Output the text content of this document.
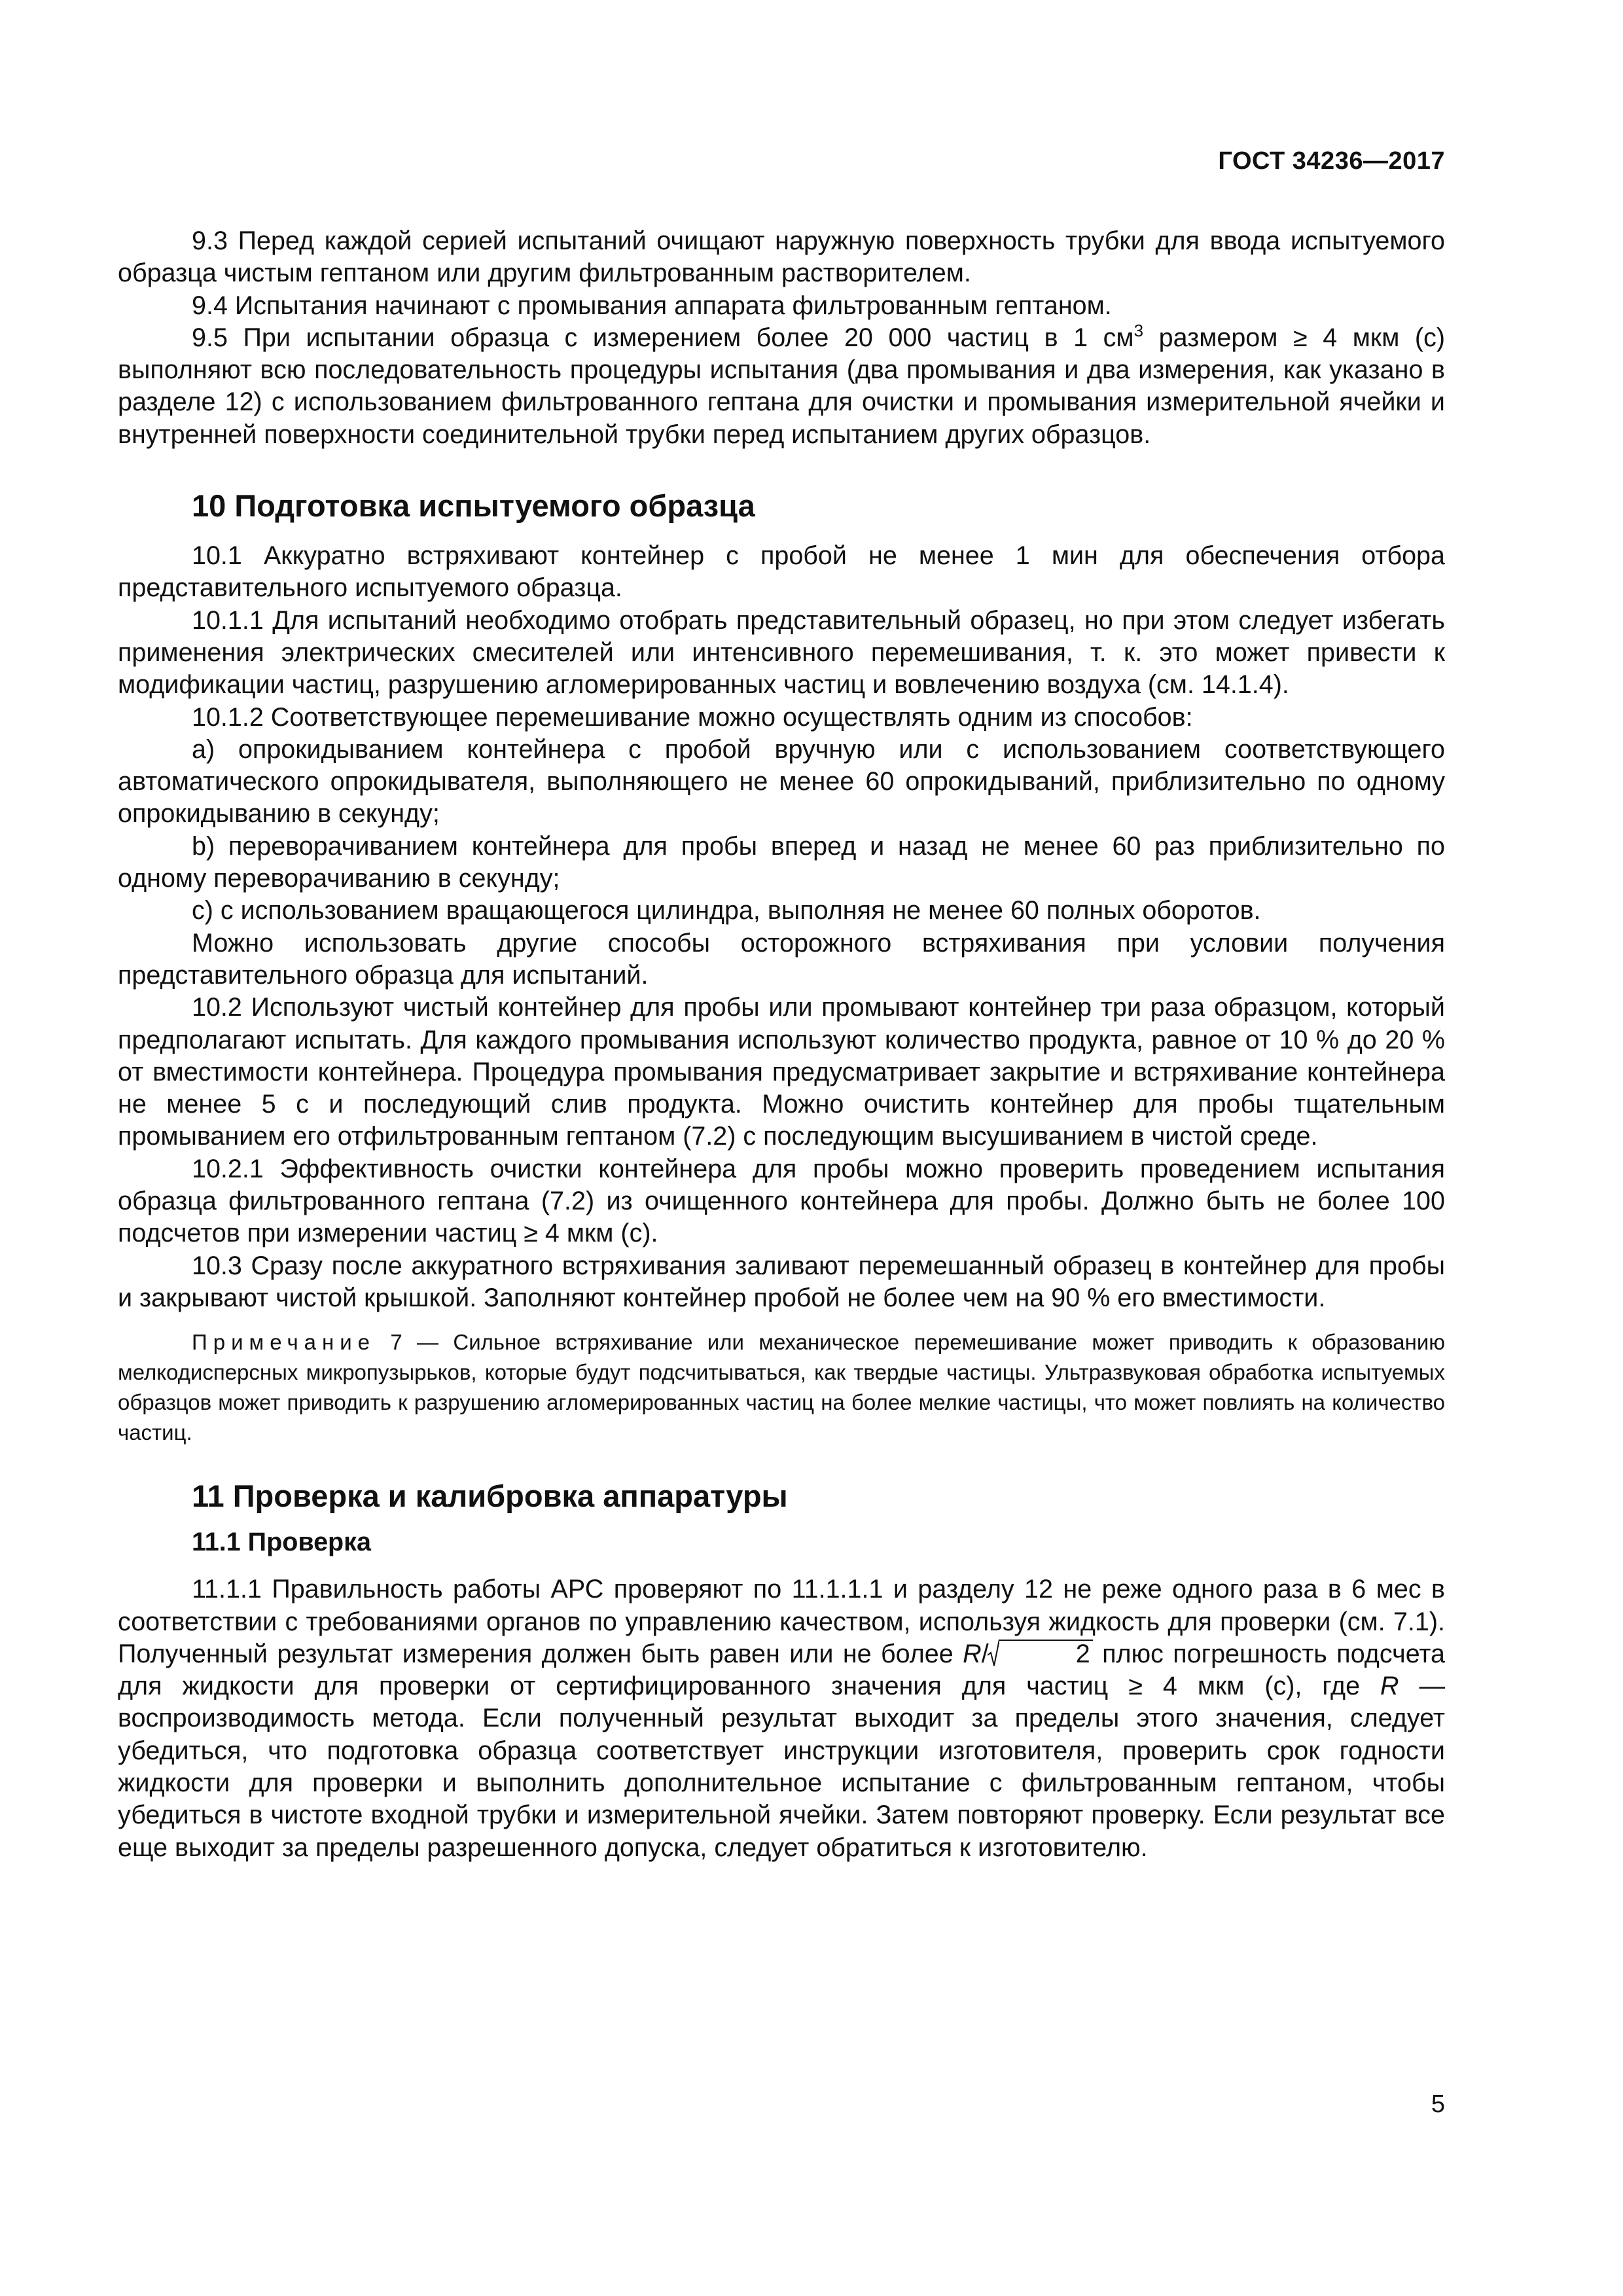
ГОСТ 34236—2017

9.3 Перед каждой серией испытаний очищают наружную поверхность трубки для ввода испытуемого образца чистым гептаном или другим фильтрованным растворителем.

9.4 Испытания начинают с промывания аппарата фильтрованным гептаном.

9.5 При испытании образца с измерением более 20 000 частиц в 1 $см^3$ размером ≥ 4 мкм (c) выполняют всю последовательность процедуры испытания (два промывания и два измерения, как указано в разделе 12) с использованием фильтрованного гептана для очистки и промывания измерительной ячейки и внутренней поверхности соединительной трубки перед испытанием других образцов.

10 Подготовка испытуемого образца

10.1 Аккуратно встряхивают контейнер с пробой не менее 1 мин для обеспечения отбора представительного испытуемого образца.

10.1.1 Для испытаний необходимо отобрать представительный образец, но при этом следует избегать применения электрических смесителей или интенсивного перемешивания, т. к. это может привести к модификации частиц, разрушению агломерированных частиц и вовлечению воздуха (см. 14.1.4).

10.1.2 Соответствующее перемешивание можно осуществлять одним из способов:

a) опрокидыванием контейнера с пробой вручную или с использованием соответствующего автоматического опрокидывателя, выполняющего не менее 60 опрокидываний, приблизительно по одному опрокидыванию в секунду;

b) переворачиванием контейнера для пробы вперед и назад не менее 60 раз приблизительно по одному переворачиванию в секунду;

c) с использованием вращающегося цилиндра, выполняя не менее 60 полных оборотов.

Можно использовать другие способы осторожного встряхивания при условии получения представительного образца для испытаний.

10.2 Используют чистый контейнер для пробы или промывают контейнер три раза образцом, который предполагают испытать. Для каждого промывания используют количество продукта, равное от 10 % до 20 % от вместимости контейнера. Процедура промывания предусматривает закрытие и встряхивание контейнера не менее 5 с и последующий слив продукта. Можно очистить контейнер для пробы тщательным промыванием его отфильтрованным гептаном (7.2) с последующим высушиванием в чистой среде.

10.2.1 Эффективность очистки контейнера для пробы можно проверить проведением испытания образца фильтрованного гептана (7.2) из очищенного контейнера для пробы. Должно быть не более 100 подсчетов при измерении частиц ≥ 4 мкм (c).

10.3 Сразу после аккуратного встряхивания заливают перемешанный образец в контейнер для пробы и закрывают чистой крышкой. Заполняют контейнер пробой не более чем на 90 % его вместимости.

Примечание 7 — Сильное встряхивание или механическое перемешивание может приводить к образованию мелкодисперсных микропузырьков, которые будут подсчитываться, как твердые частицы. Ультразвуковая обработка испытуемых образцов может приводить к разрушению агломерированных частиц на более мелкие частицы, что может повлиять на количество частиц.

11 Проверка и калибровка аппаратуры
11.1 Проверка

11.1.1 Правильность работы АРС проверяют по 11.1.1.1 и разделу 12 не реже одного раза в 6 мес в соответствии с требованиями органов по управлению качеством, используя жидкость для проверки (см. 7.1). Полученный результат измерения должен быть равен или не более R/	2 плюс погрешность подсчета для жидкости для проверки от сертифицированного значения для частиц ≥ 4 мкм (c), где R — воспроизводимость метода. Если полученный результат выходит за пределы этого значения, следует убедиться, что подготовка образца соответствует инструкции изготовителя, проверить срок годности жидкости для проверки и выполнить дополнительное испытание с фильтрованным гептаном, чтобы убедиться в чистоте входной трубки и измерительной ячейки. Затем повторяют проверку. Если результат все еще выходит за пределы разрешенного допуска, следует обратиться к изготовителю.

5
